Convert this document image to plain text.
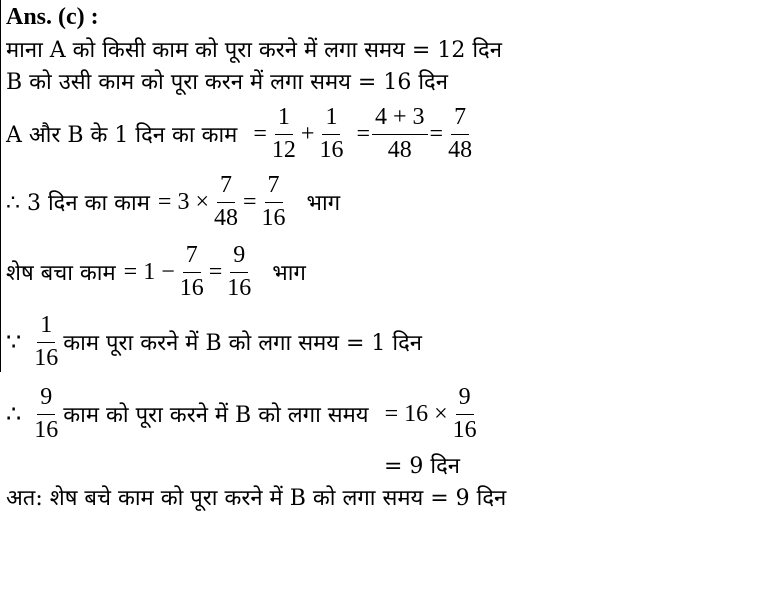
Ans. (c) :
माना A को किसी काम को पूरा करने में लगा समय = 12 दिन
B को उसी काम को पूरा करन में लगा समय = 16 दिन
A और B के 1 दिन का काम = $\frac{1}{12} + \frac{1}{16} = \frac{4 + 3}{48} = \frac{7}{48}$
∴ 3 दिन का काम = $3 \times \frac{7}{48} = \frac{7}{16}$ भाग
शेष बचा काम = $1 - \frac{7}{16} = \frac{9}{16}$ भाग
∵ $\frac{1}{16}$ काम पूरा करने में B को लगा समय = 1 दिन
∴ $\frac{9}{16}$ काम को पूरा करने में B को लगा समय = $16 \times \frac{9}{16}$
= 9 दिन
अत: शेष बचे काम को पूरा करने में B को लगा समय = 9 दिन
